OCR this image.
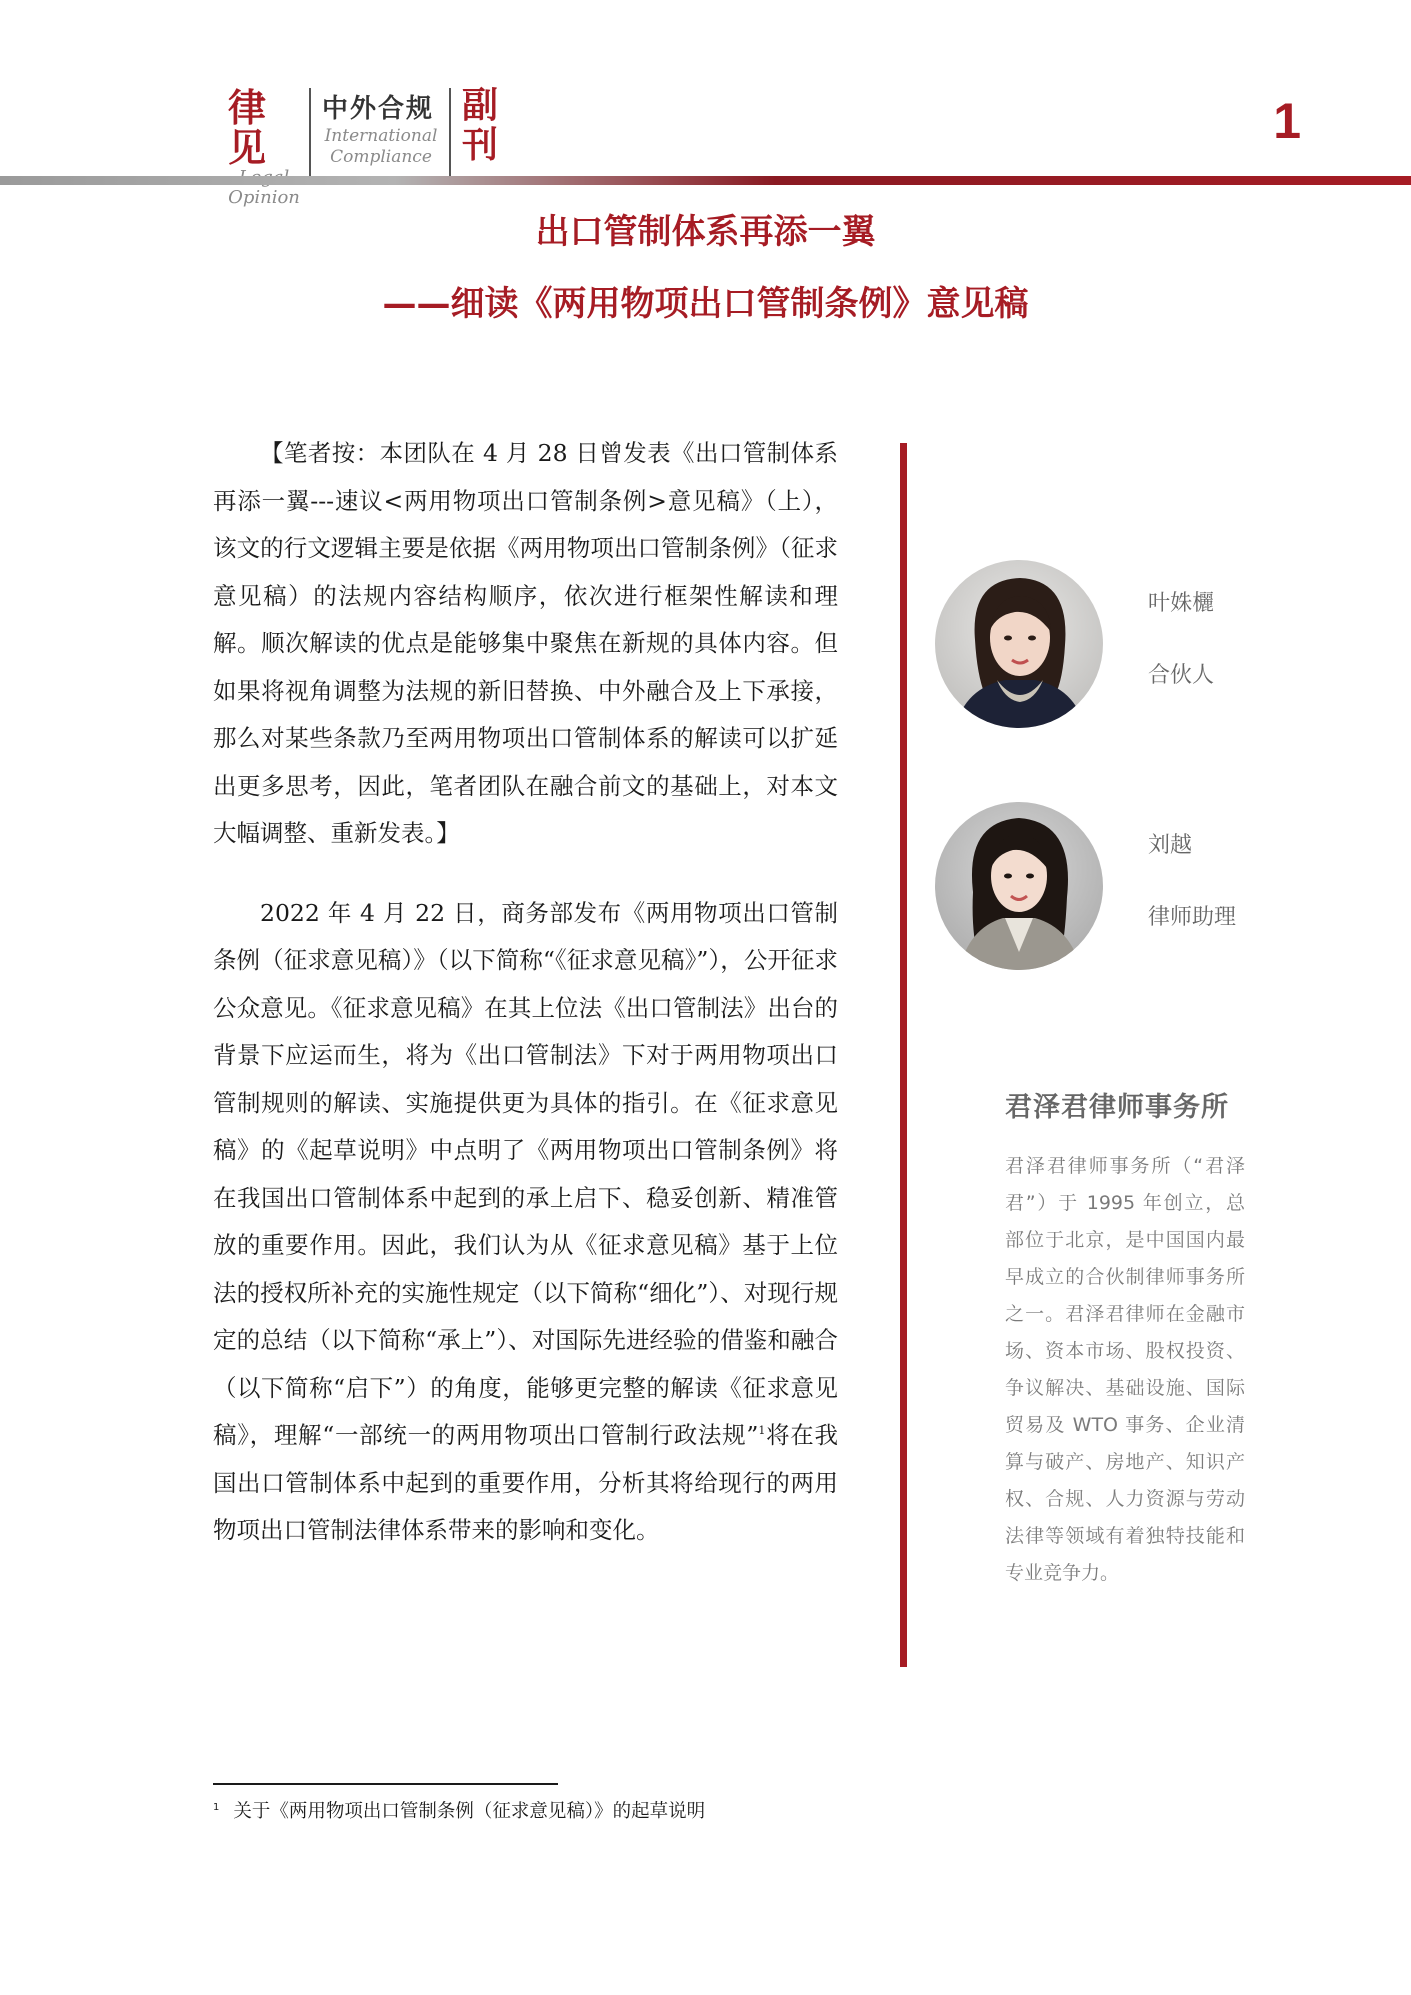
律见
Opinion
中外合规
International
Compliance
副
刊	1
出口管制体系再添一翼
——细读《两用物项出口管制条例》意见稿

【笔者按：本团队在 4 月 28 日曾发表《出口管制体系再添一翼---速议<两用物项出口管制条例>意见稿》（上），该文的行文逻辑主要是依据《两用物项出口管制条例》（征求意见稿）的法规内容结构顺序，依次进行框架性解读和理解。顺次解读的优点是能够集中聚焦在新规的具体内容。但如果将视角调整为法规的新旧替换、中外融合及上下承接，那么对某些条款乃至两用物项出口管制体系的解读可以扩延出更多思考，因此，笔者团队在融合前文的基础上，对本文大幅调整、重新发表。】

2022 年 4 月 22 日，商务部发布《两用物项出口管制条例（征求意见稿）》（以下简称“《征求意见稿》”），公开征求公众意见。《征求意见稿》在其上位法《出口管制法》出台的背景下应运而生，将为《出口管制法》下对于两用物项出口管制规则的解读、实施提供更为具体的指引。在《征求意见稿》的《起草说明》中点明了《两用物项出口管制条例》将在我国出口管制体系中起到的承上启下、稳妥创新、精准管放的重要作用。因此，我们认为从《征求意见稿》基于上位法的授权所补充的实施性规定（以下简称“细化”）、对现行规定的总结（以下简称“承上”）、对国际先进经验的借鉴和融合（以下简称“启下”）的角度，能够更完整的解读《征求意见稿》，理解“一部统一的两用物项出口管制行政法规”$^1$将在我国出口管制体系中起到的重要作用，分析其将给现行的两用物项出口管制法律体系带来的影响和变化。

叶姝欐
合伙人
刘越
律师助理
君泽君律师事务所
君泽君律师事务所（“君泽君”）于 1995 年创立，总部位于北京，是中国国内最早成立的合伙制律师事务所之一。君泽君律师在金融市场、资本市场、股权投资、争议解决、基础设施、国际贸易及 WTO 事务、企业清算与破产、房地产、知识产权、合规、人力资源与劳动法律等领域有着独特技能和专业竞争力。
$^1$ 关于《两用物项出口管制条例（征求意见稿）》的起草说明
